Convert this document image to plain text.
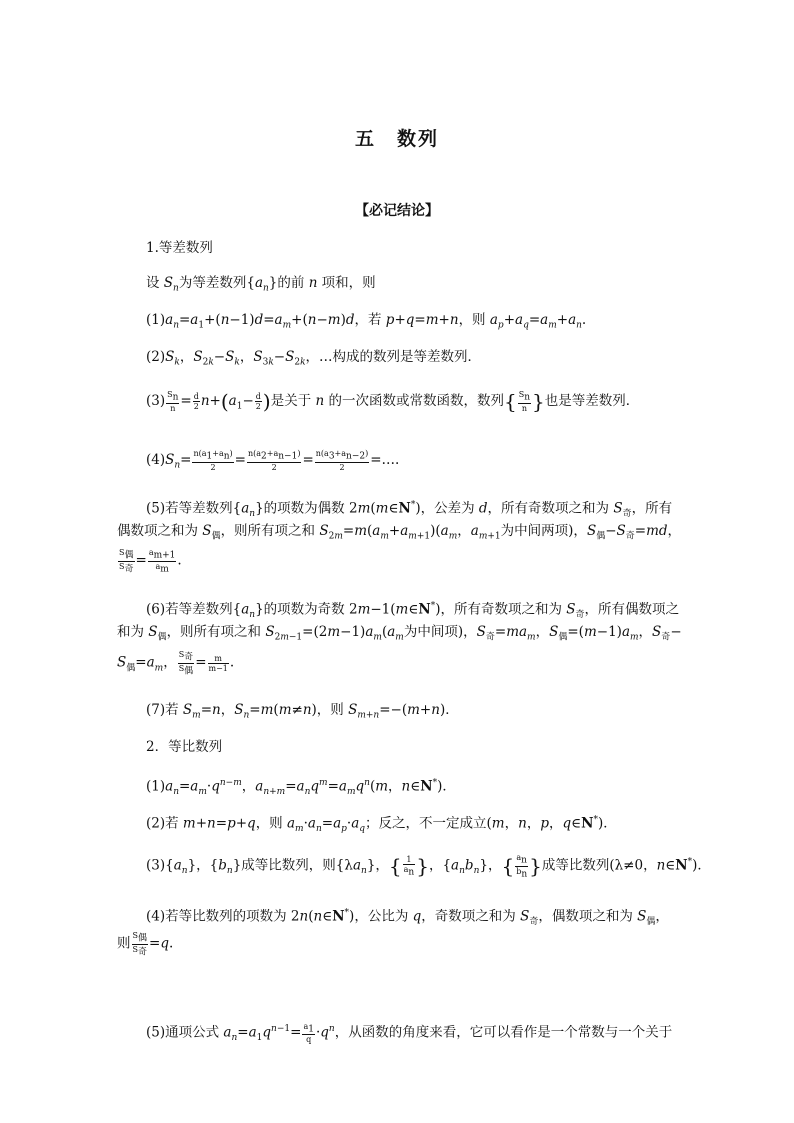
五　数列
【必记结论】
1.等差数列
设 $S_n$为等差数列$\{a_n\}$的前 n 项和，则
$(1)a_n=a_1+(n-1)d=a_m+(n-m)d$，若 p+q=m+n，则 $a_p+a_q=a_m+a_n$.
$(2)S_k$，$S_{2k}-S_k$，$S_{3k}-S_{2k}$，…构成的数列是等差数列．
$(3) \frac{S_n}{n} = \frac{d}{2} n+(a_1- \frac{d}{2}$ )是关于 n 的一次函数或常数函数，数列{ $\frac{S_n}{n}$ }也是等差数列．
$(4)S_n= \frac{n(a_1+a_n)}{2} = \frac{n(a_2+a_{n-1})}{2} = \frac{n(a_3+a_{n-2})}{2}$ =….
(5)若等差数列$\{a_n\}$的项数为偶数 2m(m∈N*)，公差为 d，所有奇数项之和为 $S_奇$，所有
偶数项之和为 $S_偶$，则所有项之和 $S_{2m}=m(a_m+a_{m+1})(a_m$，$a_{m+1}$为中间两项)，$S_偶-S_奇=md$，
$S_偶$
$S_奇$
= $\frac{a_{m+1}}{a_m}$ .
(6)若等差数列$\{a_n\}$的项数为奇数 2m−1(m∈N*)，所有奇数项之和为 $S_奇$，所有偶数项之
和为 $S_偶$，则所有项之和 $S_{2m-1}=(2m-1)a_m(a_m$为中间项)，$S_奇=ma_m$，$S_偶=(m-1)a_m$，$S_奇-$
$S_偶=a_m$，
$S_奇$
$S_偶$
= $\frac{m}{m-1}$ .
(7)若 $S_m=n$，$S_n=m(m\ne n)$，则 $S_{m+n}=-(m+n)$．
2．等比数列
$(1)a_n=a_m\cdot q^{n-m}$，$a_{n+m}=a_nq^m=a_mq^n(m$，n∈N*)．
(2)若 m+n=p+q，则 $a_m\cdot a_n=a_p\cdot a_q$；反之，不一定成立(m，n，p，q∈N*)．
$(3)\{a_n\}$，$\{b_n\}$成等比数列，则$\{\lambda a_n\}$，{ $\frac{1}{a_n}$ }，$\{a_nb_n\}$，{ $\frac{a_n}{b_n}$ }成等比数列(λ≠0，n∈N*)．
(4)若等比数列的项数为 2n(n∈N*)，公比为 q，奇数项之和为 $S_奇$，偶数项之和为 $S_偶$，
则
$S_偶$
$S_奇$
=q.
(5)通项公式 $a_n=a_1q^{n-1}= \frac{a_1}{q} \cdot q^n$，从函数的角度来看，它可以看作是一个常数与一个关于
